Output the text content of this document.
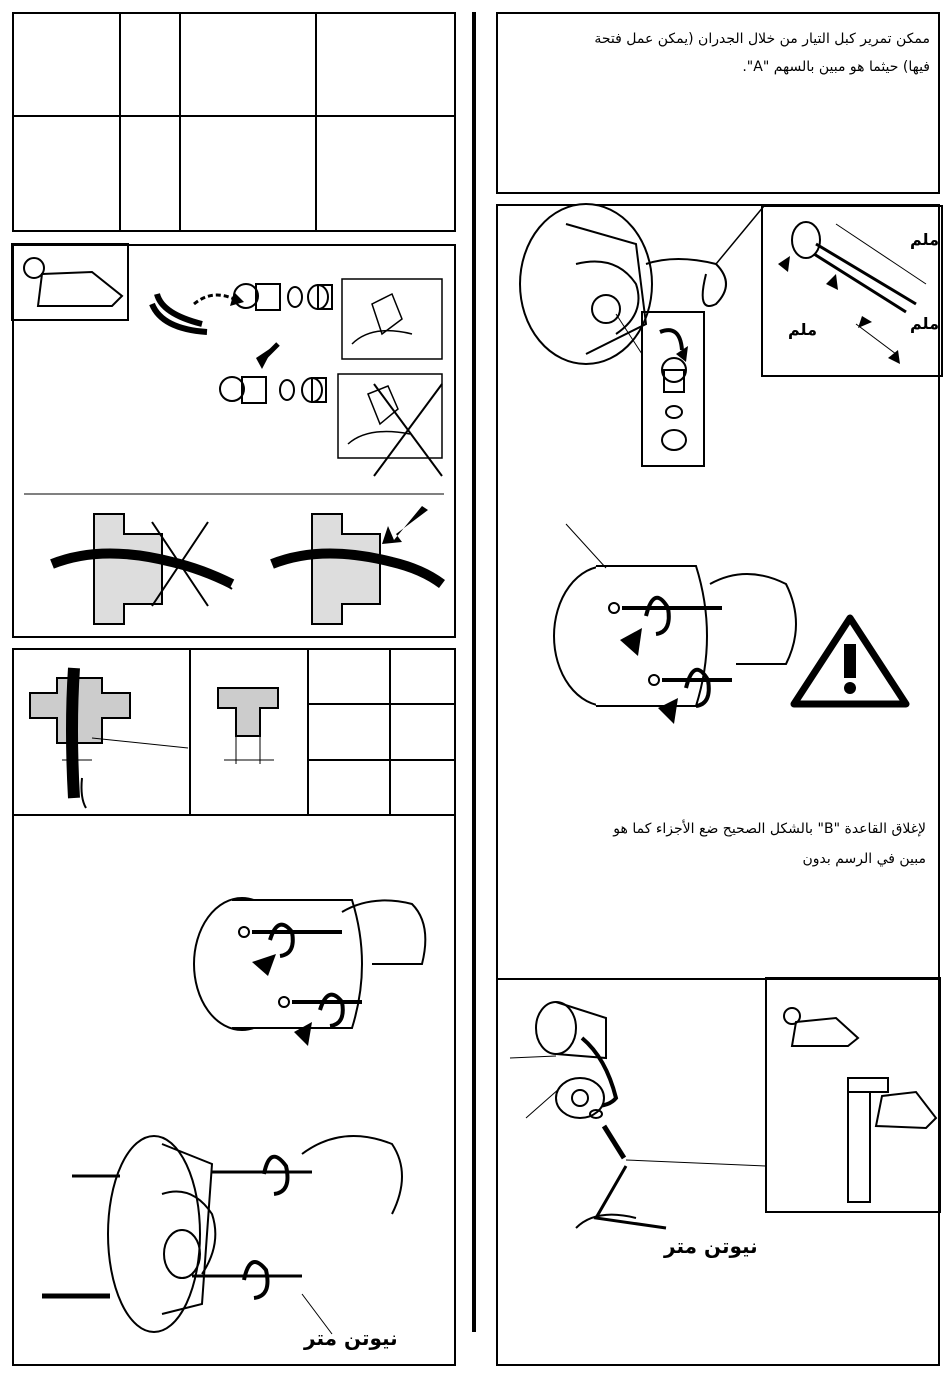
نيوتن متر
ممكن تمرير كبل التيار من خلال الجدران (يمكن عمل فتحة
فيها) حيثما هو مبين بالسهم "A".
ملم
ملم
ملم
لإغلاق القاعدة "B" بالشكل الصحيح ضع الأجزاء كما هو
مبين في الرسم بدون
نيوتن متر
